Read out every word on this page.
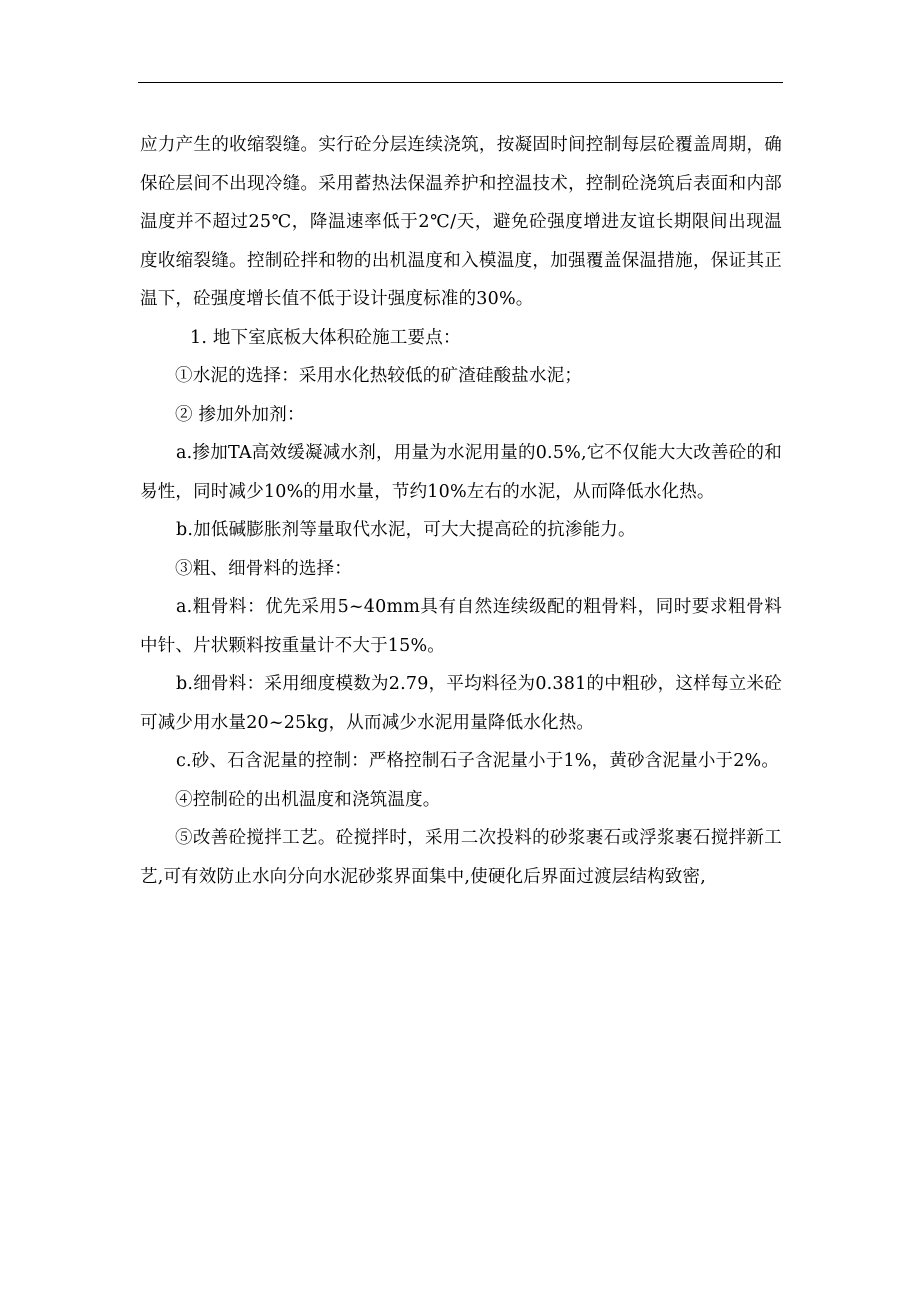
应力产生的收缩裂缝。实行砼分层连续浇筑，按凝固时间控制每层砼覆盖周期，确保砼层间不出现冷缝。采用蓄热法保温养护和控温技术，控制砼浇筑后表面和内部温度并不超过25℃，降温速率低于2℃/天，避免砼强度增进友谊长期限间出现温度收缩裂缝。控制砼拌和物的出机温度和入模温度，加强覆盖保温措施，保证其正温下，砼强度增长值不低于设计强度标准的30%。

1. 地下室底板大体积砼施工要点：

①水泥的选择：采用水化热较低的矿渣硅酸盐水泥；

② 掺加外加剂：

a.掺加TA高效缓凝减水剂，用量为水泥用量的0.5%,它不仅能大大改善砼的和易性，同时减少10%的用水量，节约10%左右的水泥，从而降低水化热。

b.加低碱膨胀剂等量取代水泥，可大大提高砼的抗渗能力。

③粗、细骨料的选择：

a.粗骨料：优先采用5~40mm具有自然连续级配的粗骨料，同时要求粗骨料中针、片状颗料按重量计不大于15%。

b.细骨料：采用细度模数为2.79，平均料径为0.381的中粗砂，这样每立米砼可减少用水量20~25kg，从而减少水泥用量降低水化热。

c.砂、石含泥量的控制：严格控制石子含泥量小于1%，黄砂含泥量小于2%。

④控制砼的出机温度和浇筑温度。

⑤改善砼搅拌工艺。砼搅拌时，采用二次投料的砂浆裹石或浮浆裹石搅拌新工艺,可有效防止水向分向水泥砂浆界面集中,使硬化后界面过渡层结构致密,
